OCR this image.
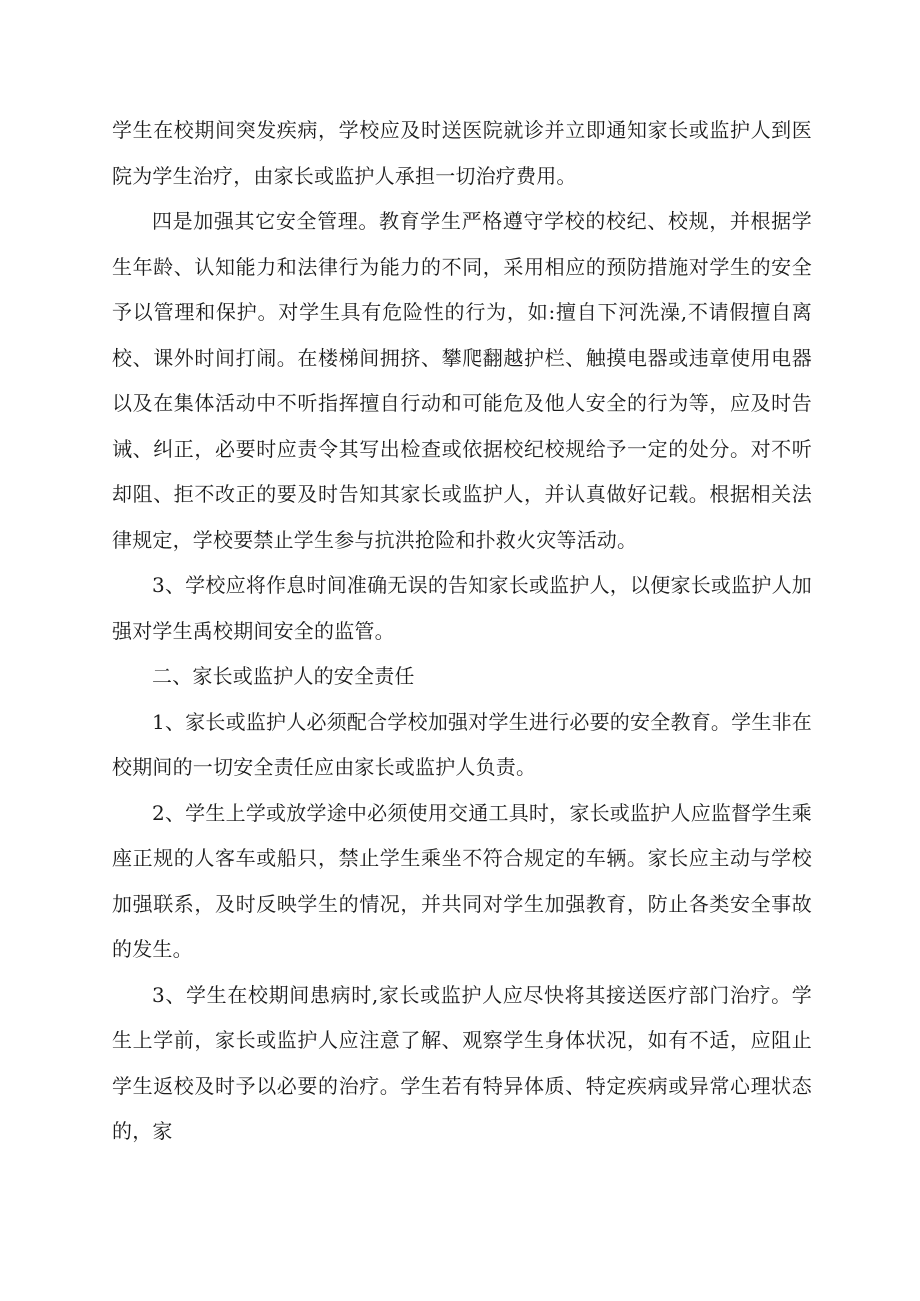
学生在校期间突发疾病，学校应及时送医院就诊并立即通知家长或监护人到医院为学生治疗，由家长或监护人承担一切治疗费用。

四是加强其它安全管理。教育学生严格遵守学校的校纪、校规，并根据学生年龄、认知能力和法律行为能力的不同，采用相应的预防措施对学生的安全予以管理和保护。对学生具有危险性的行为，如:擅自下河洗澡,不请假擅自离校、课外时间打闹。在楼梯间拥挤、攀爬翻越护栏、触摸电器或违章使用电器以及在集体活动中不听指挥擅自行动和可能危及他人安全的行为等，应及时告诫、纠正，必要时应责令其写出检查或依据校纪校规给予一定的处分。对不听却阻、拒不改正的要及时告知其家长或监护人，并认真做好记载。根据相关法律规定，学校要禁止学生参与抗洪抢险和扑救火灾等活动。

3、学校应将作息时间准确无误的告知家长或监护人，以便家长或监护人加强对学生禹校期间安全的监管。

二、家长或监护人的安全责任

1、家长或监护人必须配合学校加强对学生进行必要的安全教育。学生非在校期间的一切安全责任应由家长或监护人负责。

2、学生上学或放学途中必须使用交通工具时，家长或监护人应监督学生乘座正规的人客车或船只，禁止学生乘坐不符合规定的车辆。家长应主动与学校加强联系，及时反映学生的情况，并共同对学生加强教育，防止各类安全事故的发生。

3、学生在校期间患病时,家长或监护人应尽快将其接送医疗部门治疗。学生上学前，家长或监护人应注意了解、观察学生身体状况，如有不适，应阻止学生返校及时予以必要的治疗。学生若有特异体质、特定疾病或异常心理状态的，家
